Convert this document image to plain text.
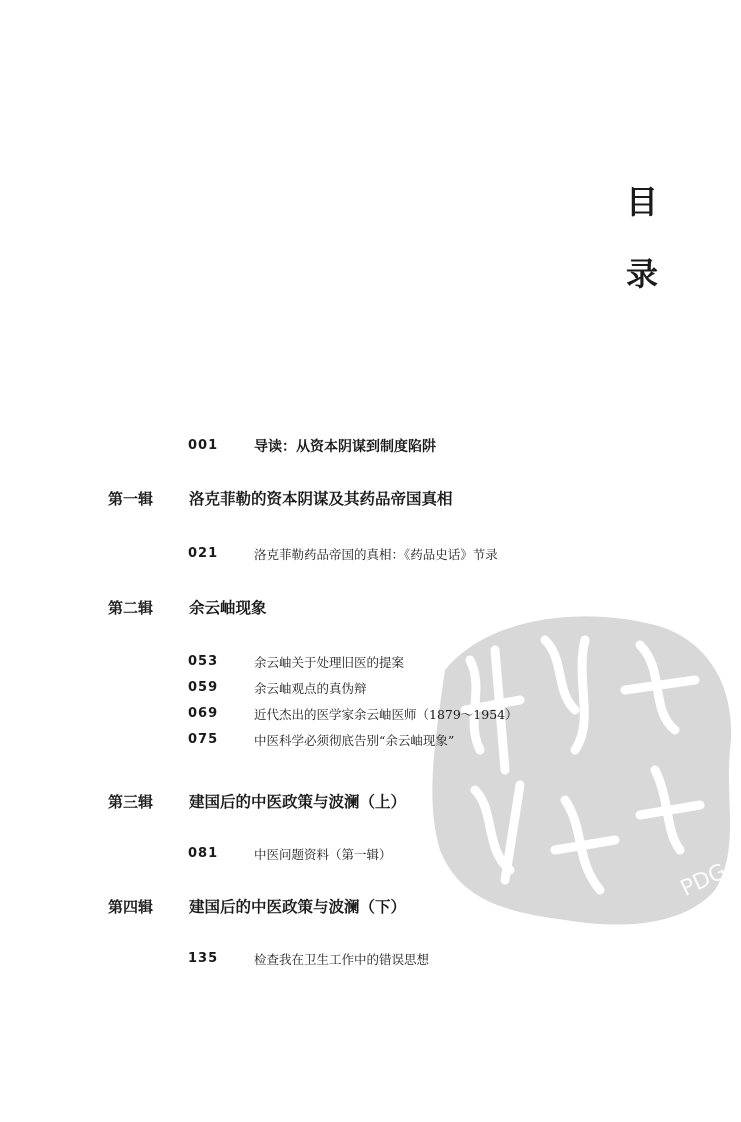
目
录
PDG
001	导读：从资本阴谋到制度陷阱
第一辑 洛克菲勒的资本阴谋及其药品帝国真相
021	洛克菲勒药品帝国的真相：《药品史话》节录
第二辑 余云岫现象
053	余云岫关于处理旧医的提案
059	余云岫观点的真伪辩
069	近代杰出的医学家余云岫医师（1879～1954）
075	中医科学必须彻底告别“余云岫现象”
第三辑 建国后的中医政策与波澜（上）
081	中医问题资料（第一辑）
第四辑 建国后的中医政策与波澜（下）
135	检查我在卫生工作中的错误思想
